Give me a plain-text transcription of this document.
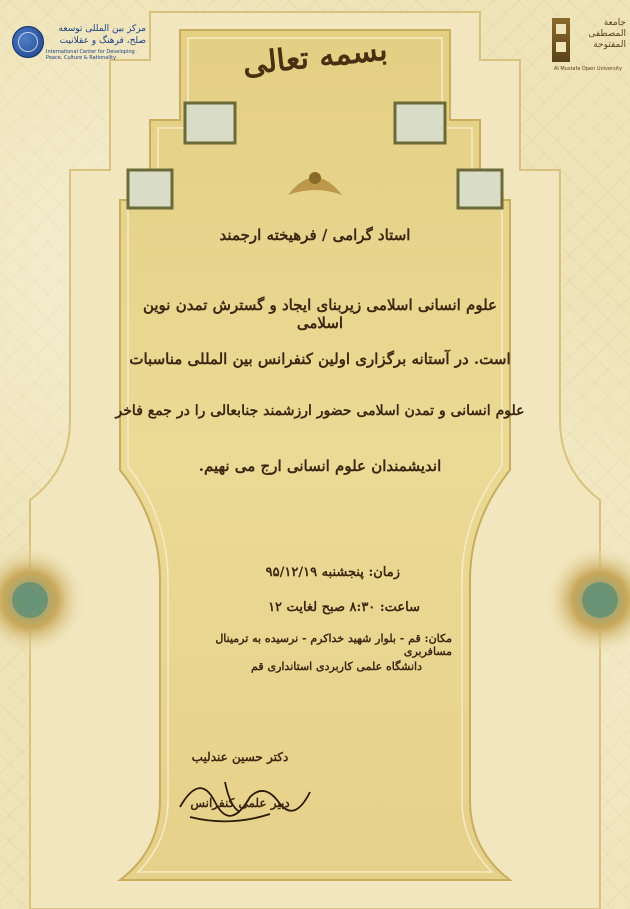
مرکز بین المللی توسعه
صلح، فرهنگ و عقلانیت
International Center for Developing Peace, Culture & Rationality
جامعة المصطفى المفتوحة
Al Mustafa Open University
بسمه تعالی
استاد گرامی / فرهیخته ارجمند
علوم انسانی اسلامی زیربنای ایجاد و گسترش تمدن نوین اسلامی
است. در آستانه برگزاری اولین کنفرانس بین المللی مناسبات
علوم انسانی و تمدن اسلامی حضور ارزشمند جنابعالی را در جمع فاخر
اندیشمندان علوم انسانی ارج می نهیم.
زمان: پنجشنبه ۹۵/۱۲/۱۹
ساعت: ۸:۳۰ صبح لغایت ۱۲
مکان: قم - بلوار شهید خداکرم - نرسیده به ترمینال مسافربری
دانشگاه علمی کاربردی استانداری قم
دکتر حسین عندلیب
دبیر علمی کنفرانس
